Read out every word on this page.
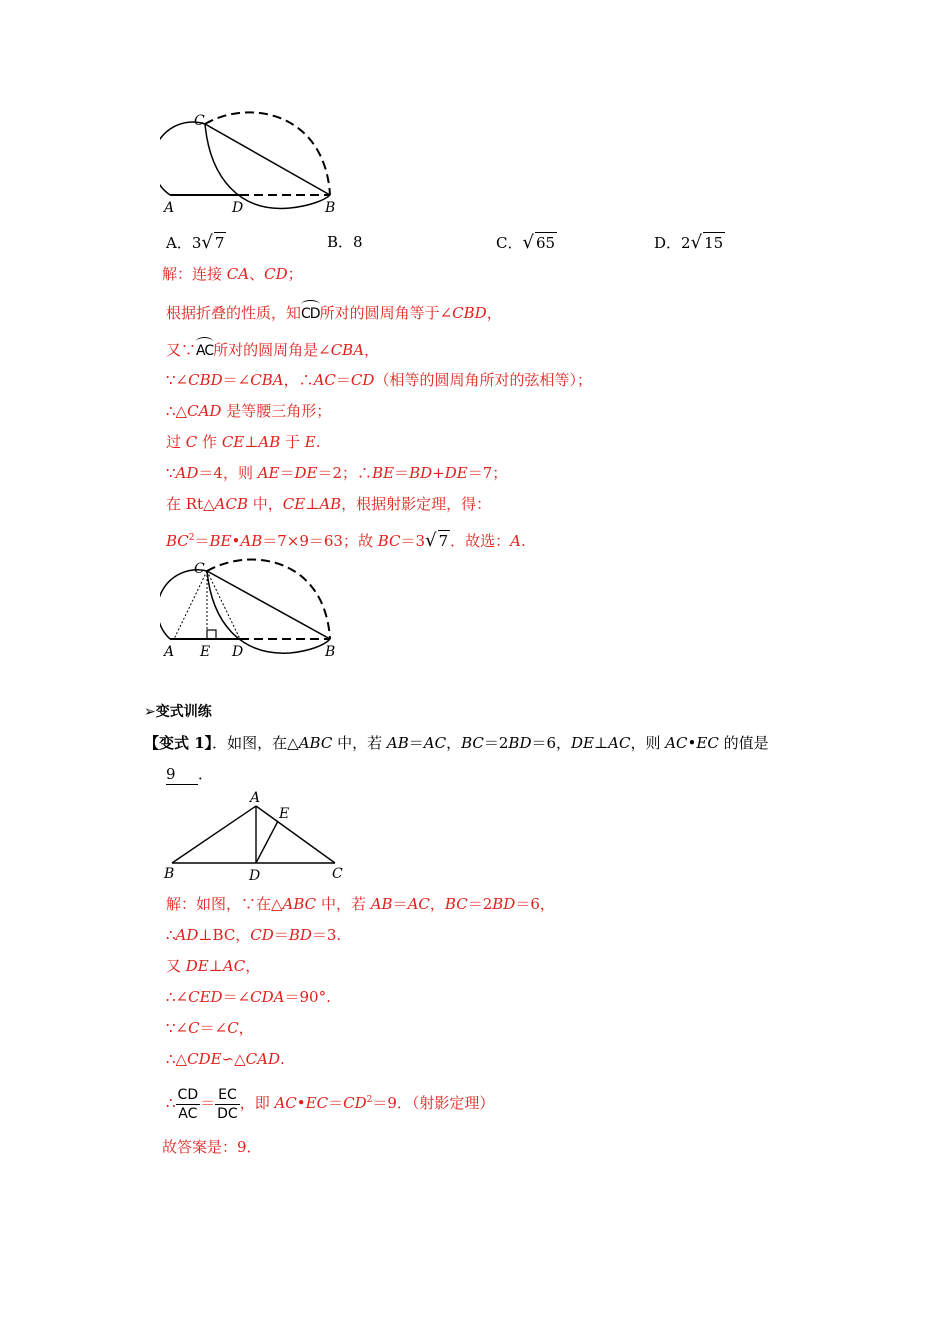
C
A	D	B
A．3√ 7	B．8	C．√ 65	D．2√ 15
解：连接 CA、CD；
根据折叠的性质，知CD所对的圆周角等于∠CBD，
又∵AC所对的圆周角是∠CBA，
∵∠CBD＝∠CBA，∴AC＝CD（相等的圆周角所对的弦相等）；
∴△CAD 是等腰三角形；
过 C 作 CE⊥AB 于 E.
∵AD＝4，则 AE＝DE＝2；∴BE＝BD+DE＝7；
在 Rt△ACB 中，CE⊥AB，根据射影定理，得：
$BC^2=BE•AB=7\times 9=63$；故 BC＝3√ 7 ．故选：A.
C
A E D	B
➢变式训练
【变式 1】．如图，在△ABC 中，若 AB＝AC，BC＝2BD＝6，DE⊥AC，则 AC•EC 的值是
9 ．
A
E
B	D	C
解：如图，∵在△ABC 中，若 AB＝AC，BC＝2BD＝6，
∴AD⊥BC，CD＝BD＝3.
又 DE⊥AC，
∴∠CED＝∠CDA＝90°.
∵∠C＝∠C，
∴△CDE∽△CAD.
∴ $\frac{CD}{AC} = \frac{EC}{DC}$ ，即 $AC•EC=CD^2=9$．（射影定理）
故答案是：9．
